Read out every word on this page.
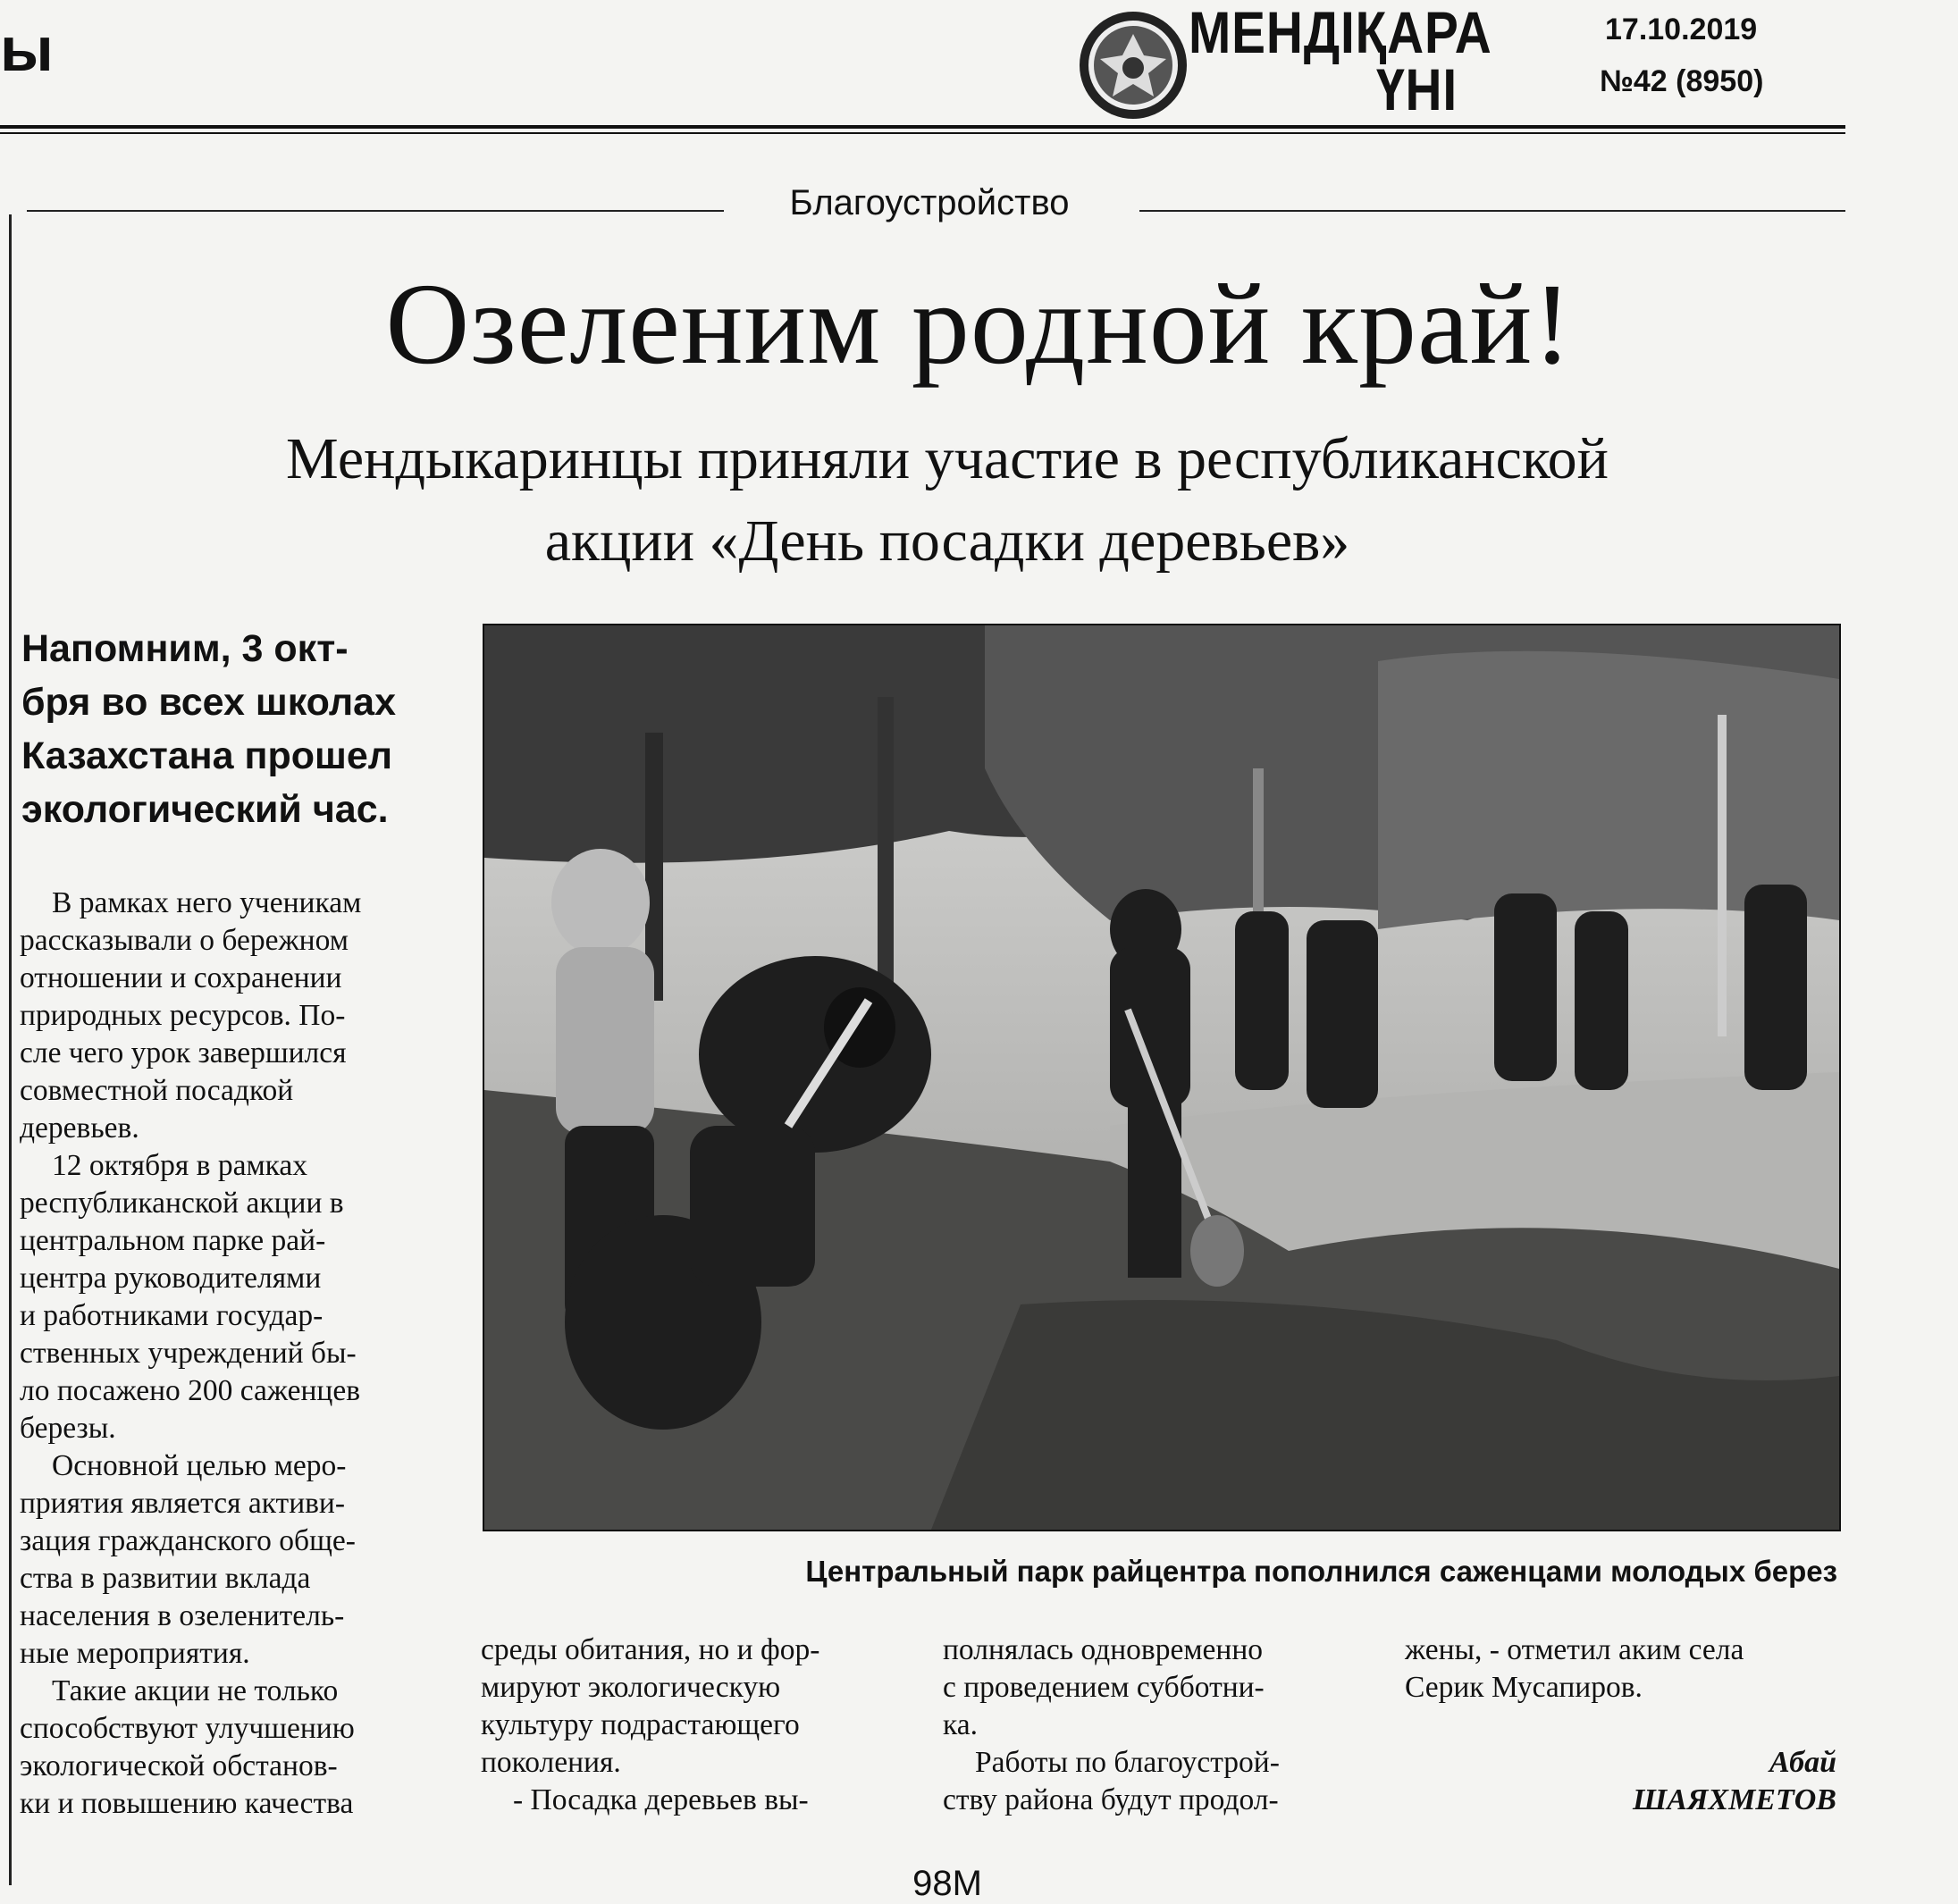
ы	МЕНДІҚАРА
ҮНІ
17.10.2019
№42 (8950)
Благоустройство
Озеленим родной край!
Мендыкаринцы приняли участие в республиканской
акции «День посадки деревьев»
Напомним, 3 окт-
бря во всех школах
Казахстана прошел
экологический час.
В рамках него ученикам
рассказывали о бережном
отношении и сохранении
природных ресурсов. По-
сле чего урок завершился
совместной посадкой
деревьев.
12 октября в рамках
республиканской акции в
центральном парке рай-
центра руководителями
и работниками государ-
ственных учреждений бы-
ло посажено 200 саженцев
березы.
Основной целью меро-
приятия является активи-
зация гражданского обще-
ства в развитии вклада
населения в озеленитель-
ные мероприятия.
Такие акции не только
способствуют улучшению
экологической обстанов-
ки и повышению качества
среды обитания, но и фор-
мируют экологическую
культуру подрастающего
поколения.
- Посадка деревьев вы-
полнялась одновременно
с проведением субботни-
ка.
Работы по благоустрой-
ству района будут продол-
жены, - отметил аким села
Серик Мусапиров.
Абай
ШАЯХМЕТОВ
Центральный парк райцентра пополнился саженцами молодых берез
98M
